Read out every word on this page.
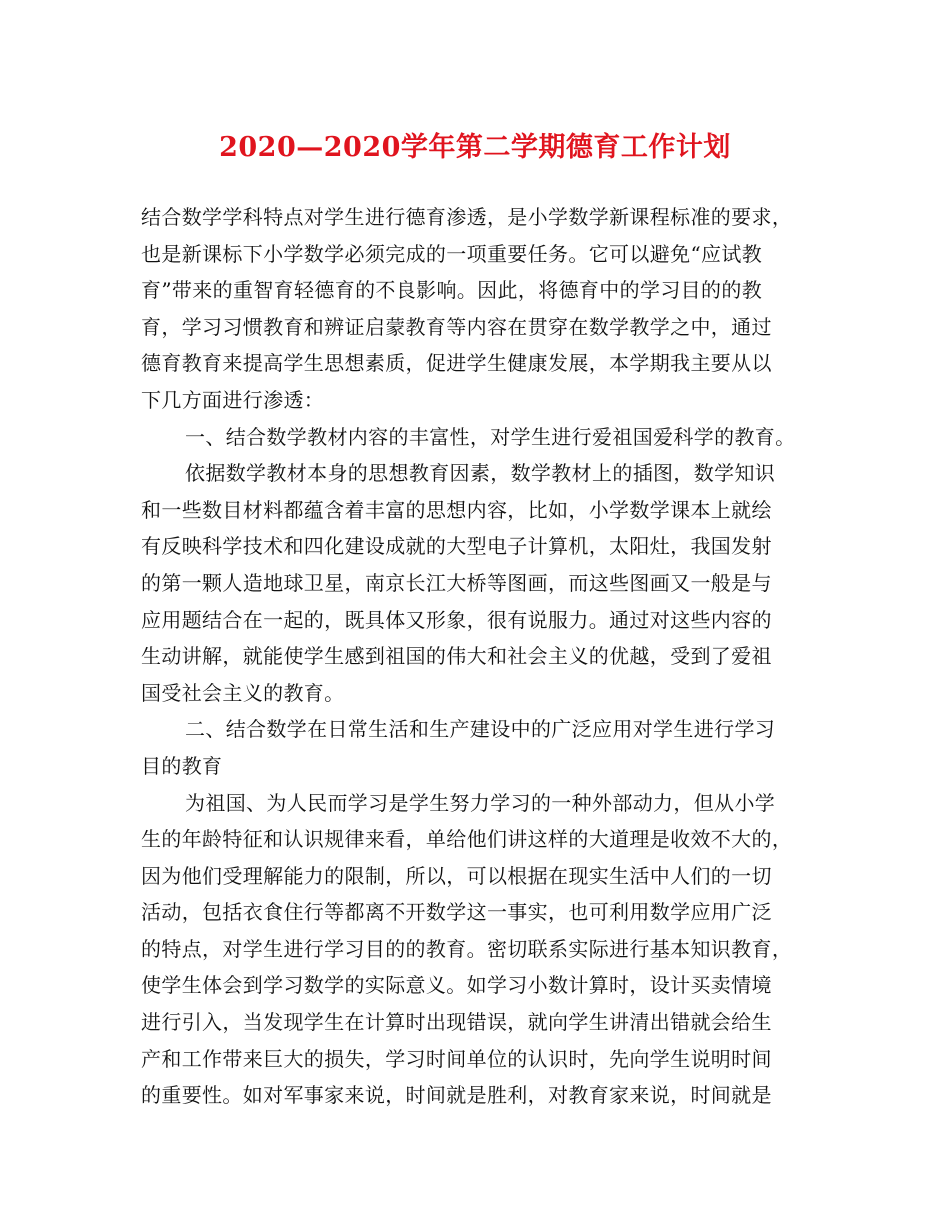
2020—2020学年第二学期德育工作计划
结合数学学科特点对学生进行德育渗透，是小学数学新课程标准的要求，
也是新课标下小学数学必须完成的一项重要任务。它可以避免“应试教
育”带来的重智育轻德育的不良影响。因此，将德育中的学习目的的教
育，学习习惯教育和辨证启蒙教育等内容在贯穿在数学教学之中，通过
德育教育来提高学生思想素质，促进学生健康发展，本学期我主要从以
下几方面进行渗透：
一、结合数学教材内容的丰富性，对学生进行爱祖国爱科学的教育。
依据数学教材本身的思想教育因素，数学教材上的插图，数学知识
和一些数目材料都蕴含着丰富的思想内容，比如，小学数学课本上就绘
有反映科学技术和四化建设成就的大型电子计算机，太阳灶，我国发射
的第一颗人造地球卫星，南京长江大桥等图画，而这些图画又一般是与
应用题结合在一起的，既具体又形象，很有说服力。通过对这些内容的
生动讲解，就能使学生感到祖国的伟大和社会主义的优越，受到了爱祖
国受社会主义的教育。
二、结合数学在日常生活和生产建设中的广泛应用对学生进行学习
目的教育
为祖国、为人民而学习是学生努力学习的一种外部动力，但从小学
生的年龄特征和认识规律来看，单给他们讲这样的大道理是收效不大的，
因为他们受理解能力的限制，所以，可以根据在现实生活中人们的一切
活动，包括衣食住行等都离不开数学这一事实，也可利用数学应用广泛
的特点，对学生进行学习目的的教育。密切联系实际进行基本知识教育，
使学生体会到学习数学的实际意义。如学习小数计算时，设计买卖情境
进行引入，当发现学生在计算时出现错误，就向学生讲清出错就会给生
产和工作带来巨大的损失，学习时间单位的认识时，先向学生说明时间
的重要性。如对军事家来说，时间就是胜利，对教育家来说，时间就是
